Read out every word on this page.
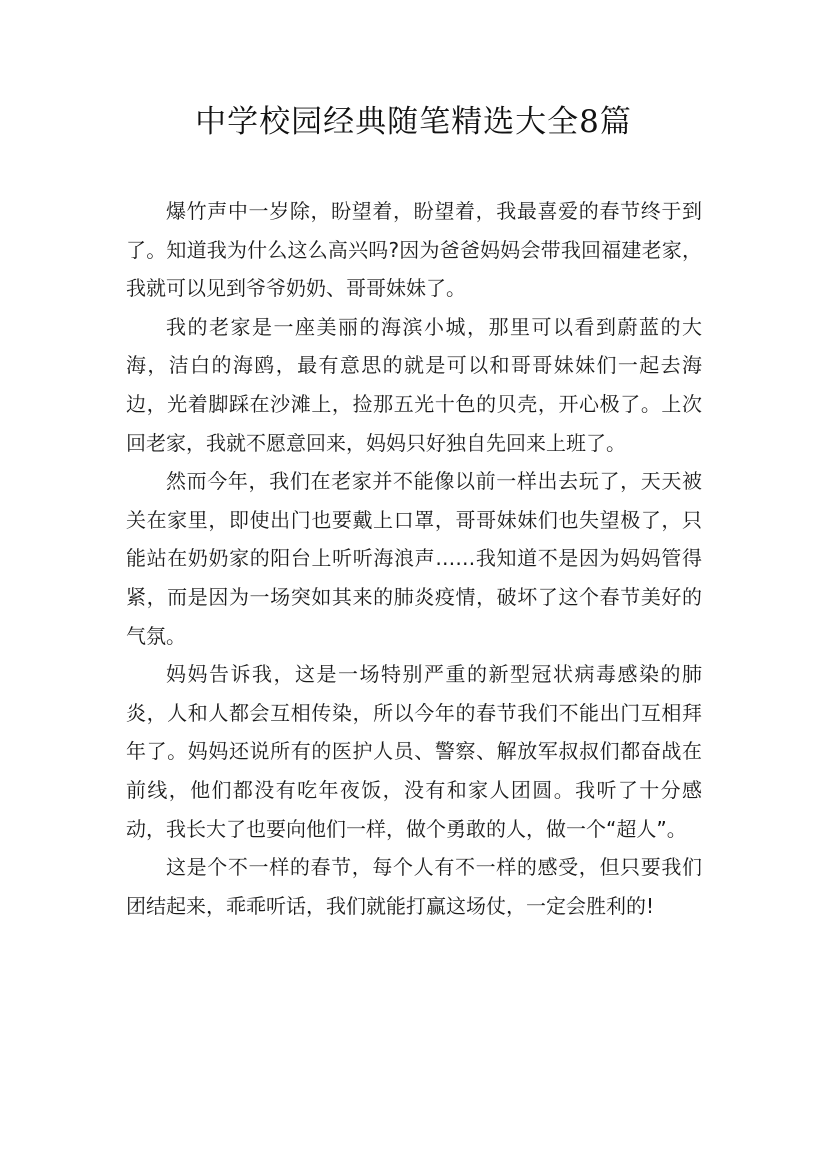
中学校园经典随笔精选大全8篇

爆竹声中一岁除，盼望着，盼望着，我最喜爱的春节终于到了。知道我为什么这么高兴吗?因为爸爸妈妈会带我回福建老家，我就可以见到爷爷奶奶、哥哥妹妹了。

我的老家是一座美丽的海滨小城，那里可以看到蔚蓝的大海，洁白的海鸥，最有意思的就是可以和哥哥妹妹们一起去海边，光着脚踩在沙滩上，捡那五光十色的贝壳，开心极了。上次回老家，我就不愿意回来，妈妈只好独自先回来上班了。

然而今年，我们在老家并不能像以前一样出去玩了，天天被关在家里，即使出门也要戴上口罩，哥哥妹妹们也失望极了，只能站在奶奶家的阳台上听听海浪声……我知道不是因为妈妈管得紧，而是因为一场突如其来的肺炎疫情，破坏了这个春节美好的气氛。

妈妈告诉我，这是一场特别严重的新型冠状病毒感染的肺炎，人和人都会互相传染，所以今年的春节我们不能出门互相拜年了。妈妈还说所有的医护人员、警察、解放军叔叔们都奋战在前线，他们都没有吃年夜饭，没有和家人团圆。我听了十分感动，我长大了也要向他们一样，做个勇敢的人，做一个“超人”。

这是个不一样的春节，每个人有不一样的感受，但只要我们团结起来，乖乖听话，我们就能打赢这场仗，一定会胜利的!
